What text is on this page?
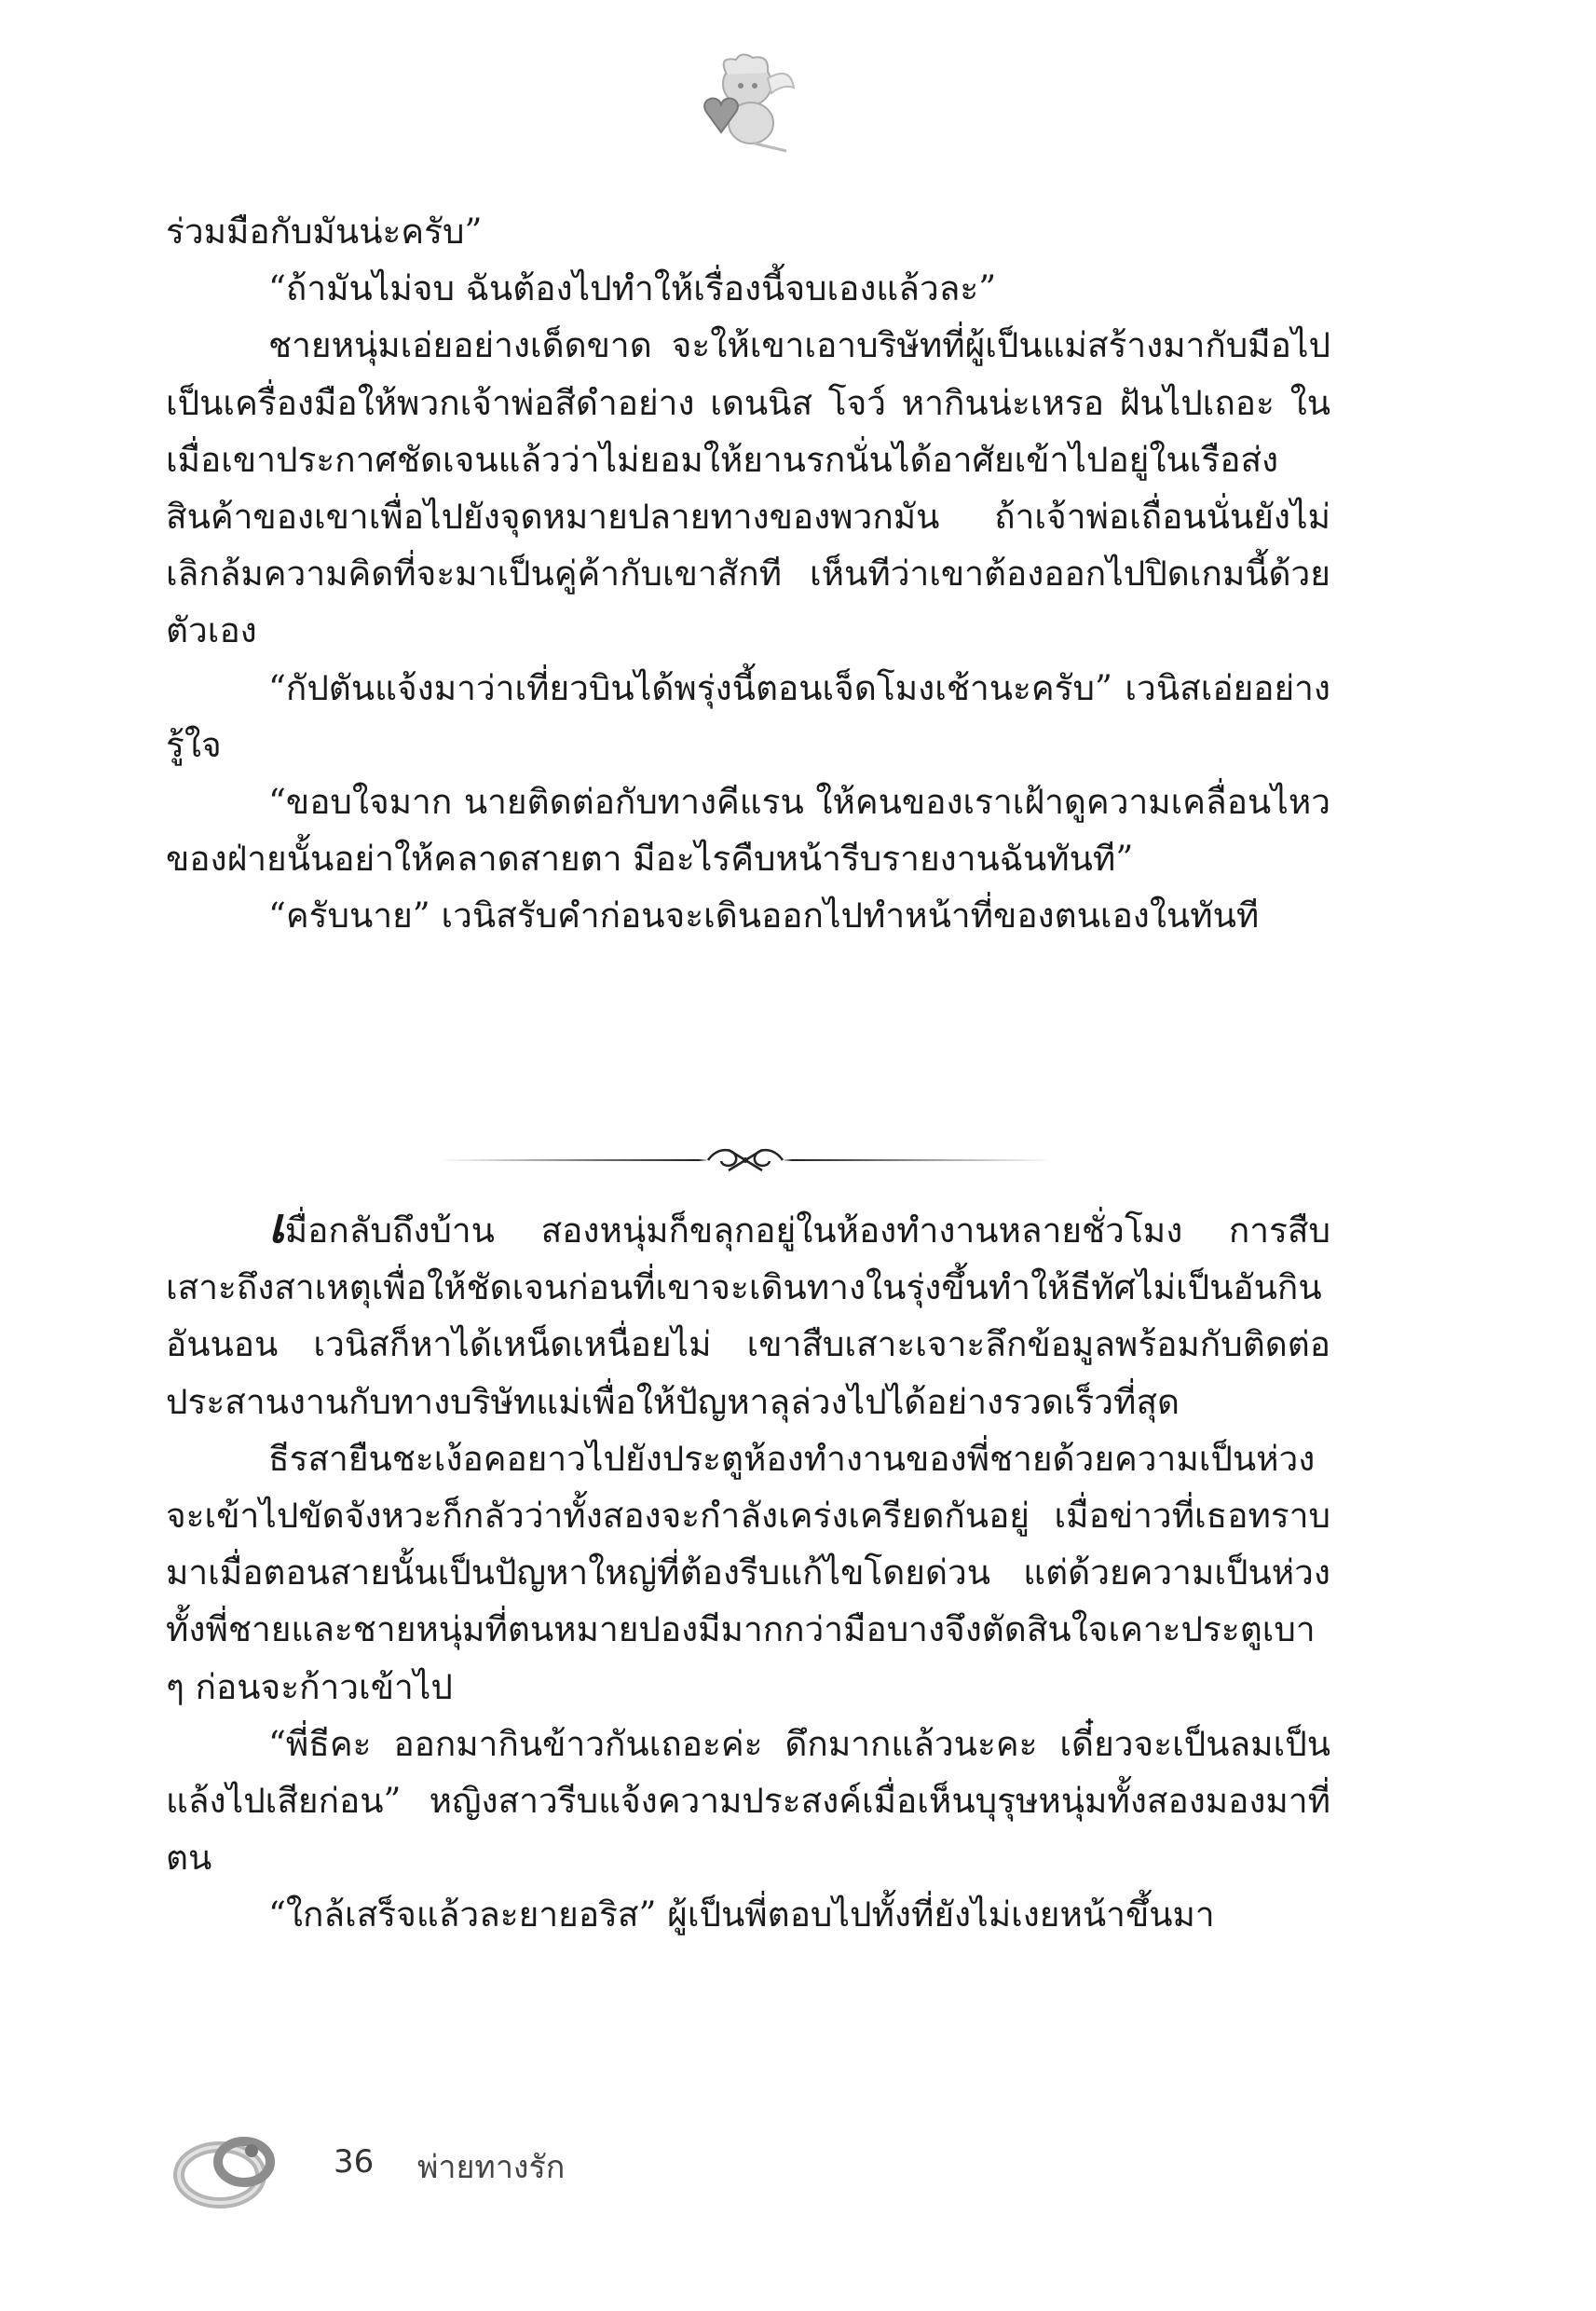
ร่วมมือกับมันน่ะครับ”

“ถ้ามันไม่จบ ฉันต้องไปทำให้เรื่องนี้จบเองแล้วละ”

ชายหนุ่มเอ่ยอย่างเด็ดขาด จะให้เขาเอาบริษัทที่ผู้เป็นแม่สร้างมากับมือไปเป็นเครื่องมือให้พวกเจ้าพ่อสีดำอย่าง เดนนิส โจว์ หากินน่ะเหรอ ฝันไปเถอะ ในเมื่อเขาประกาศชัดเจนแล้วว่าไม่ยอมให้ยานรกนั่นได้อาศัยเข้าไปอยู่ในเรือส่งสินค้าของเขาเพื่อไปยังจุดหมายปลายทางของพวกมัน ถ้าเจ้าพ่อเถื่อนนั่นยังไม่เลิกล้มความคิดที่จะมาเป็นคู่ค้ากับเขาสักที เห็นทีว่าเขาต้องออกไปปิดเกมนี้ด้วยตัวเอง

“กัปตันแจ้งมาว่าเที่ยวบินได้พรุ่งนี้ตอนเจ็ดโมงเช้านะครับ” เวนิสเอ่ยอย่างรู้ใจ

“ขอบใจมาก นายติดต่อกับทางคีแรน ให้คนของเราเฝ้าดูความเคลื่อนไหวของฝ่ายนั้นอย่าให้คลาดสายตา มีอะไรคืบหน้ารีบรายงานฉันทันที”

“ครับนาย” เวนิสรับคำก่อนจะเดินออกไปทำหน้าที่ของตนเองในทันที

เมื่อกลับถึงบ้าน สองหนุ่มก็ขลุกอยู่ในห้องทำงานหลายชั่วโมง การสืบเสาะถึงสาเหตุเพื่อให้ชัดเจนก่อนที่เขาจะเดินทางในรุ่งขึ้นทำให้ธีทัศไม่เป็นอันกินอันนอน เวนิสก็หาได้เหน็ดเหนื่อยไม่ เขาสืบเสาะเจาะลึกข้อมูลพร้อมกับติดต่อประสานงานกับทางบริษัทแม่เพื่อให้ปัญหาลุล่วงไปได้อย่างรวดเร็วที่สุด

ธีรสายืนชะเง้อคอยาวไปยังประตูห้องทำงานของพี่ชายด้วยความเป็นห่วง จะเข้าไปขัดจังหวะก็กลัวว่าทั้งสองจะกำลังเคร่งเครียดกันอยู่ เมื่อข่าวที่เธอทราบมาเมื่อตอนสายนั้นเป็นปัญหาใหญ่ที่ต้องรีบแก้ไขโดยด่วน แต่ด้วยความเป็นห่วงทั้งพี่ชายและชายหนุ่มที่ตนหมายปองมีมากกว่ามือบางจึงตัดสินใจเคาะประตูเบา ๆ ก่อนจะก้าวเข้าไป

“พี่ธีคะ ออกมากินข้าวกันเถอะค่ะ ดึกมากแล้วนะคะ เดี๋ยวจะเป็นลมเป็นแล้งไปเสียก่อน” หญิงสาวรีบแจ้งความประสงค์เมื่อเห็นบุรุษหนุ่มทั้งสองมองมาที่ตน

“ใกล้เสร็จแล้วละยายอริส” ผู้เป็นพี่ตอบไปทั้งที่ยังไม่เงยหน้าขึ้นมา

36 พ่ายทางรัก
